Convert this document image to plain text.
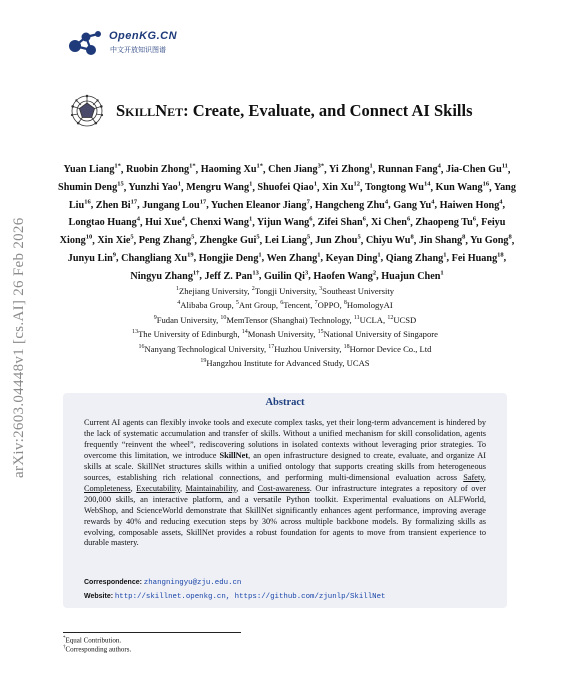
OpenKG.CN
中文开放知识图谱
arXiv:2603.04448v1 [cs.AI] 26 Feb 2026
SkillNet: Create, Evaluate, and Connect AI Skills
Yuan Liang$^{1*}$, Ruobin Zhong$^{1*}$, Haoming $Xu^{1*}$, Chen Jiang$^{3*}$, Yi Zhong$^1$, Runnan Fang$^4$, Jia-Chen Gu$^{11}$, Shumin Deng$^{15}$, Yunzhi Yao$^1$, Mengru Wang$^1$, Shuofei Qiao$^1$, Xin Xu$^{12}$, Tongtong Wu$^{14}$, Kun Wang$^{16}$, Yang Liu$^{16}$, Zhen Bi$^{17}$, Jungang Lou$^{17}$, Yuchen Eleanor Jiang$^7$, Hangcheng Zhu$^4$, Gang Yu$^4$, Haiwen Hong$^4$, Longtao Huang$^4$, Hui Xue$^4$, Chenxi Wang$^1$, Yijun Wang$^6$, Zifei Shan$^6$, Xi Chen$^6$, Zhaopeng Tu$^6$, Feiyu Xiong$^{10}$, Xin Xie$^5$, Peng Zhang$^5$, Zhengke Gui$^5$, Lei Liang$^5$, Jun Zhou$^5$, Chiyu Wu$^8$, Jin Shang$^8$, Yu Gong$^8$, Junyu Lin$^9$, Changliang Xu$^{19}$, Hongjie Deng$^1$, Wen Zhang$^1$, Keyan Ding$^1$, Qiang Zhang$^1$, Fei Huang$^{18}$, Ningyu Zhang$^{1\dagger}$, Jeff Z. Pan$^{13}$, Guilin Qi$^3$, Haofen Wang$^2$, Huajun Chen$^1$
$^1$Zhejiang University, $^2$Tongji University, $^3$Southeast University
$^4$Alibaba Group, $^5$Ant Group, $^6$Tencent, $^7$OPPO, $^8$HomologyAI
$^9$Fudan University, $^{10}$MemTensor (Shanghai) Technology, $^{11}$UCLA, $^{12}$UCSD
$^{13}$The University of Edinburgh, $^{14}$Monash University, $^{15}$National University of Singapore
$^{16}$Nanyang Technological University, $^{17}$Huzhou University, $^{18}$Hornor Device Co., Ltd
$^{19}$Hangzhou Institute for Advanced Study, UCAS
Abstract
Current AI agents can flexibly invoke tools and execute complex tasks, yet their long-term advancement is hindered by the lack of systematic accumulation and transfer of skills. Without a unified mechanism for skill consolidation, agents frequently “reinvent the wheel”, rediscovering solutions in isolated contexts without leveraging prior strategies. To overcome this limitation, we introduce SkillNet, an open infrastructure designed to create, evaluate, and organize AI skills at scale. SkillNet structures skills within a unified ontology that supports creating skills from heterogeneous sources, establishing rich relational connections, and performing multi-dimensional evaluation across Safety, Completeness, Executability, Maintainability, and Cost-awareness. Our infrastructure integrates a repository of over 200,000 skills, an interactive platform, and a versatile Python toolkit. Experimental evaluations on ALFWorld, WebShop, and ScienceWorld demonstrate that SkillNet significantly enhances agent performance, improving average rewards by 40% and reducing execution steps by 30% across multiple backbone models. By formalizing skills as evolving, composable assets, SkillNet provides a robust foundation for agents to move from transient experience to durable mastery.
Correspondence: zhangningyu@zju.edu.cn
Website: http://skillnet.openkg.cn, https://github.com/zjunlp/SkillNet
*Equal Contribution.
†Corresponding authors.
